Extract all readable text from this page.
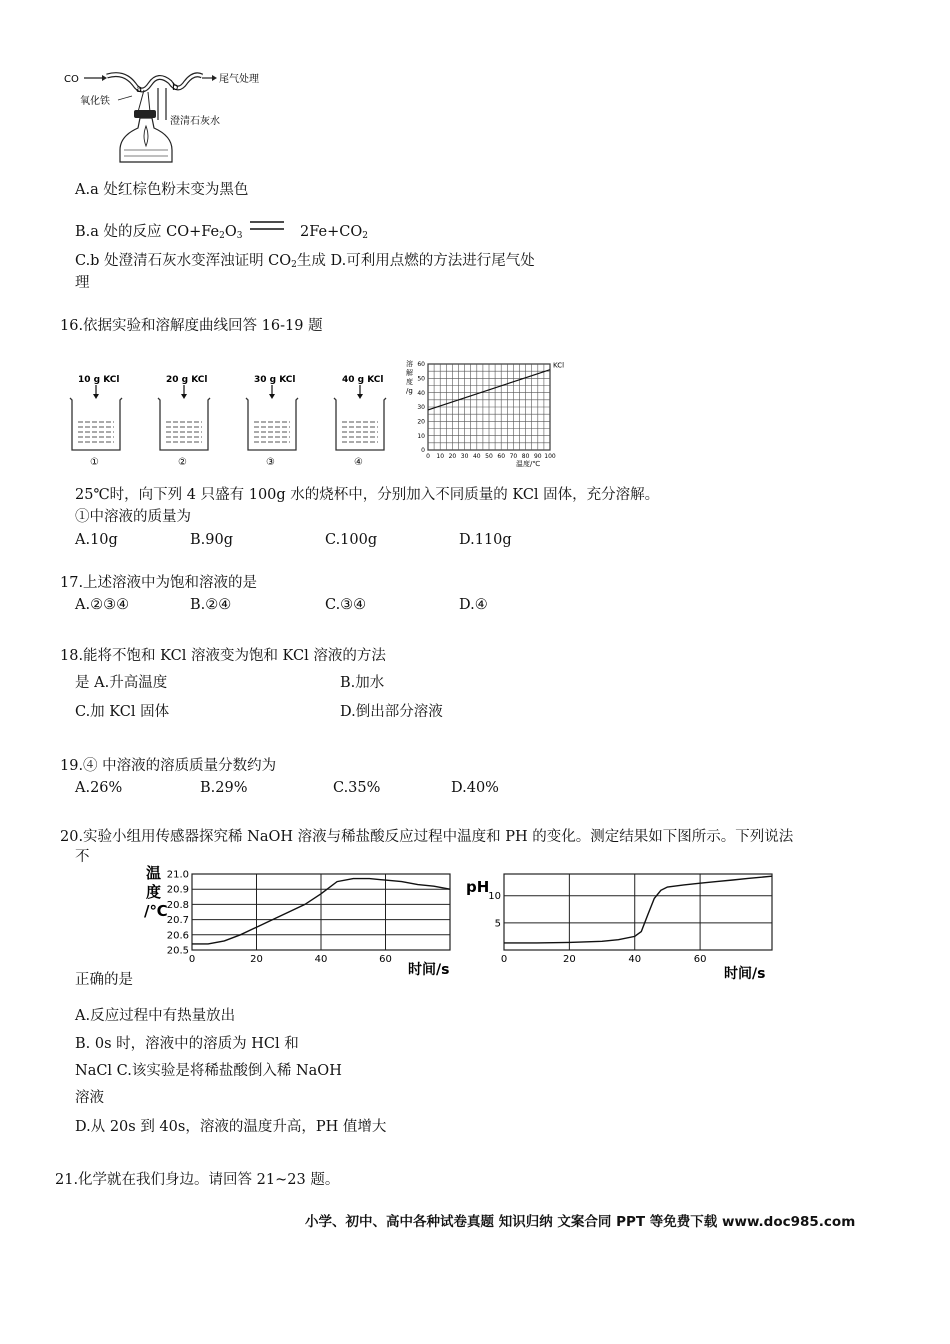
CO
a	b
尾气处理
氧化铁
澄清石灰水
A.a 处红棕色粉末变为黑色
B.a 处的反应 $CO+Fe_2O_3$	$2Fe+CO_2$
C.b 处澄清石灰水变浑浊证明 $CO_2$生成 D.可利用点燃的方法进行尾气处
理
16.依据实验和溶解度曲线回答 16-19 题
10 g KCl
①
20 g KCl
②
30 g KCl
③
40 g KCl
④
0 10 20 30 40 50 60 70 80 90 100
0
10
20
30
40
50
60	KCl
溶
解
度
/g
温度/℃
25℃时，向下列 4 只盛有 100g 水的烧杯中，分别加入不同质量的 KCl 固体，充分溶解。
①中溶液的质量为
A.10g	B.90g	C.100g	D.110g
17.上述溶液中为饱和溶液的是
A.②③④	B.②④	C.③④	D.④
18.能将不饱和 KCl 溶液变为饱和 KCl 溶液的方法
是 A.升高温度	B.加水
C.加 KCl 固体	D.倒出部分溶液
19.④ 中溶液的溶质质量分数约为
A.26%	B.29%	C.35%	D.40%
20.实验小组用传感器探究稀 NaOH 溶液与稀盐酸反应过程中温度和 PH 的变化。测定结果如下图所示。下列说法
不
0	20	40	60
20.5
20.6
20.7
20.8
20.9
21.0
温
度
/℃
时间/s
0	20	40	60
5
10
pH
时间/s
正确的是
A.反应过程中有热量放出
B. 0s 时，溶液中的溶质为 HCl 和
NaCl C.该实验是将稀盐酸倒入稀 NaOH
溶液
D.从 20s 到 40s，溶液的温度升高，PH 值增大
21.化学就在我们身边。请回答 21~23 题。
小学、初中、高中各种试卷真题 知识归纳 文案合同 PPT 等免费下载 www.doc985.com
